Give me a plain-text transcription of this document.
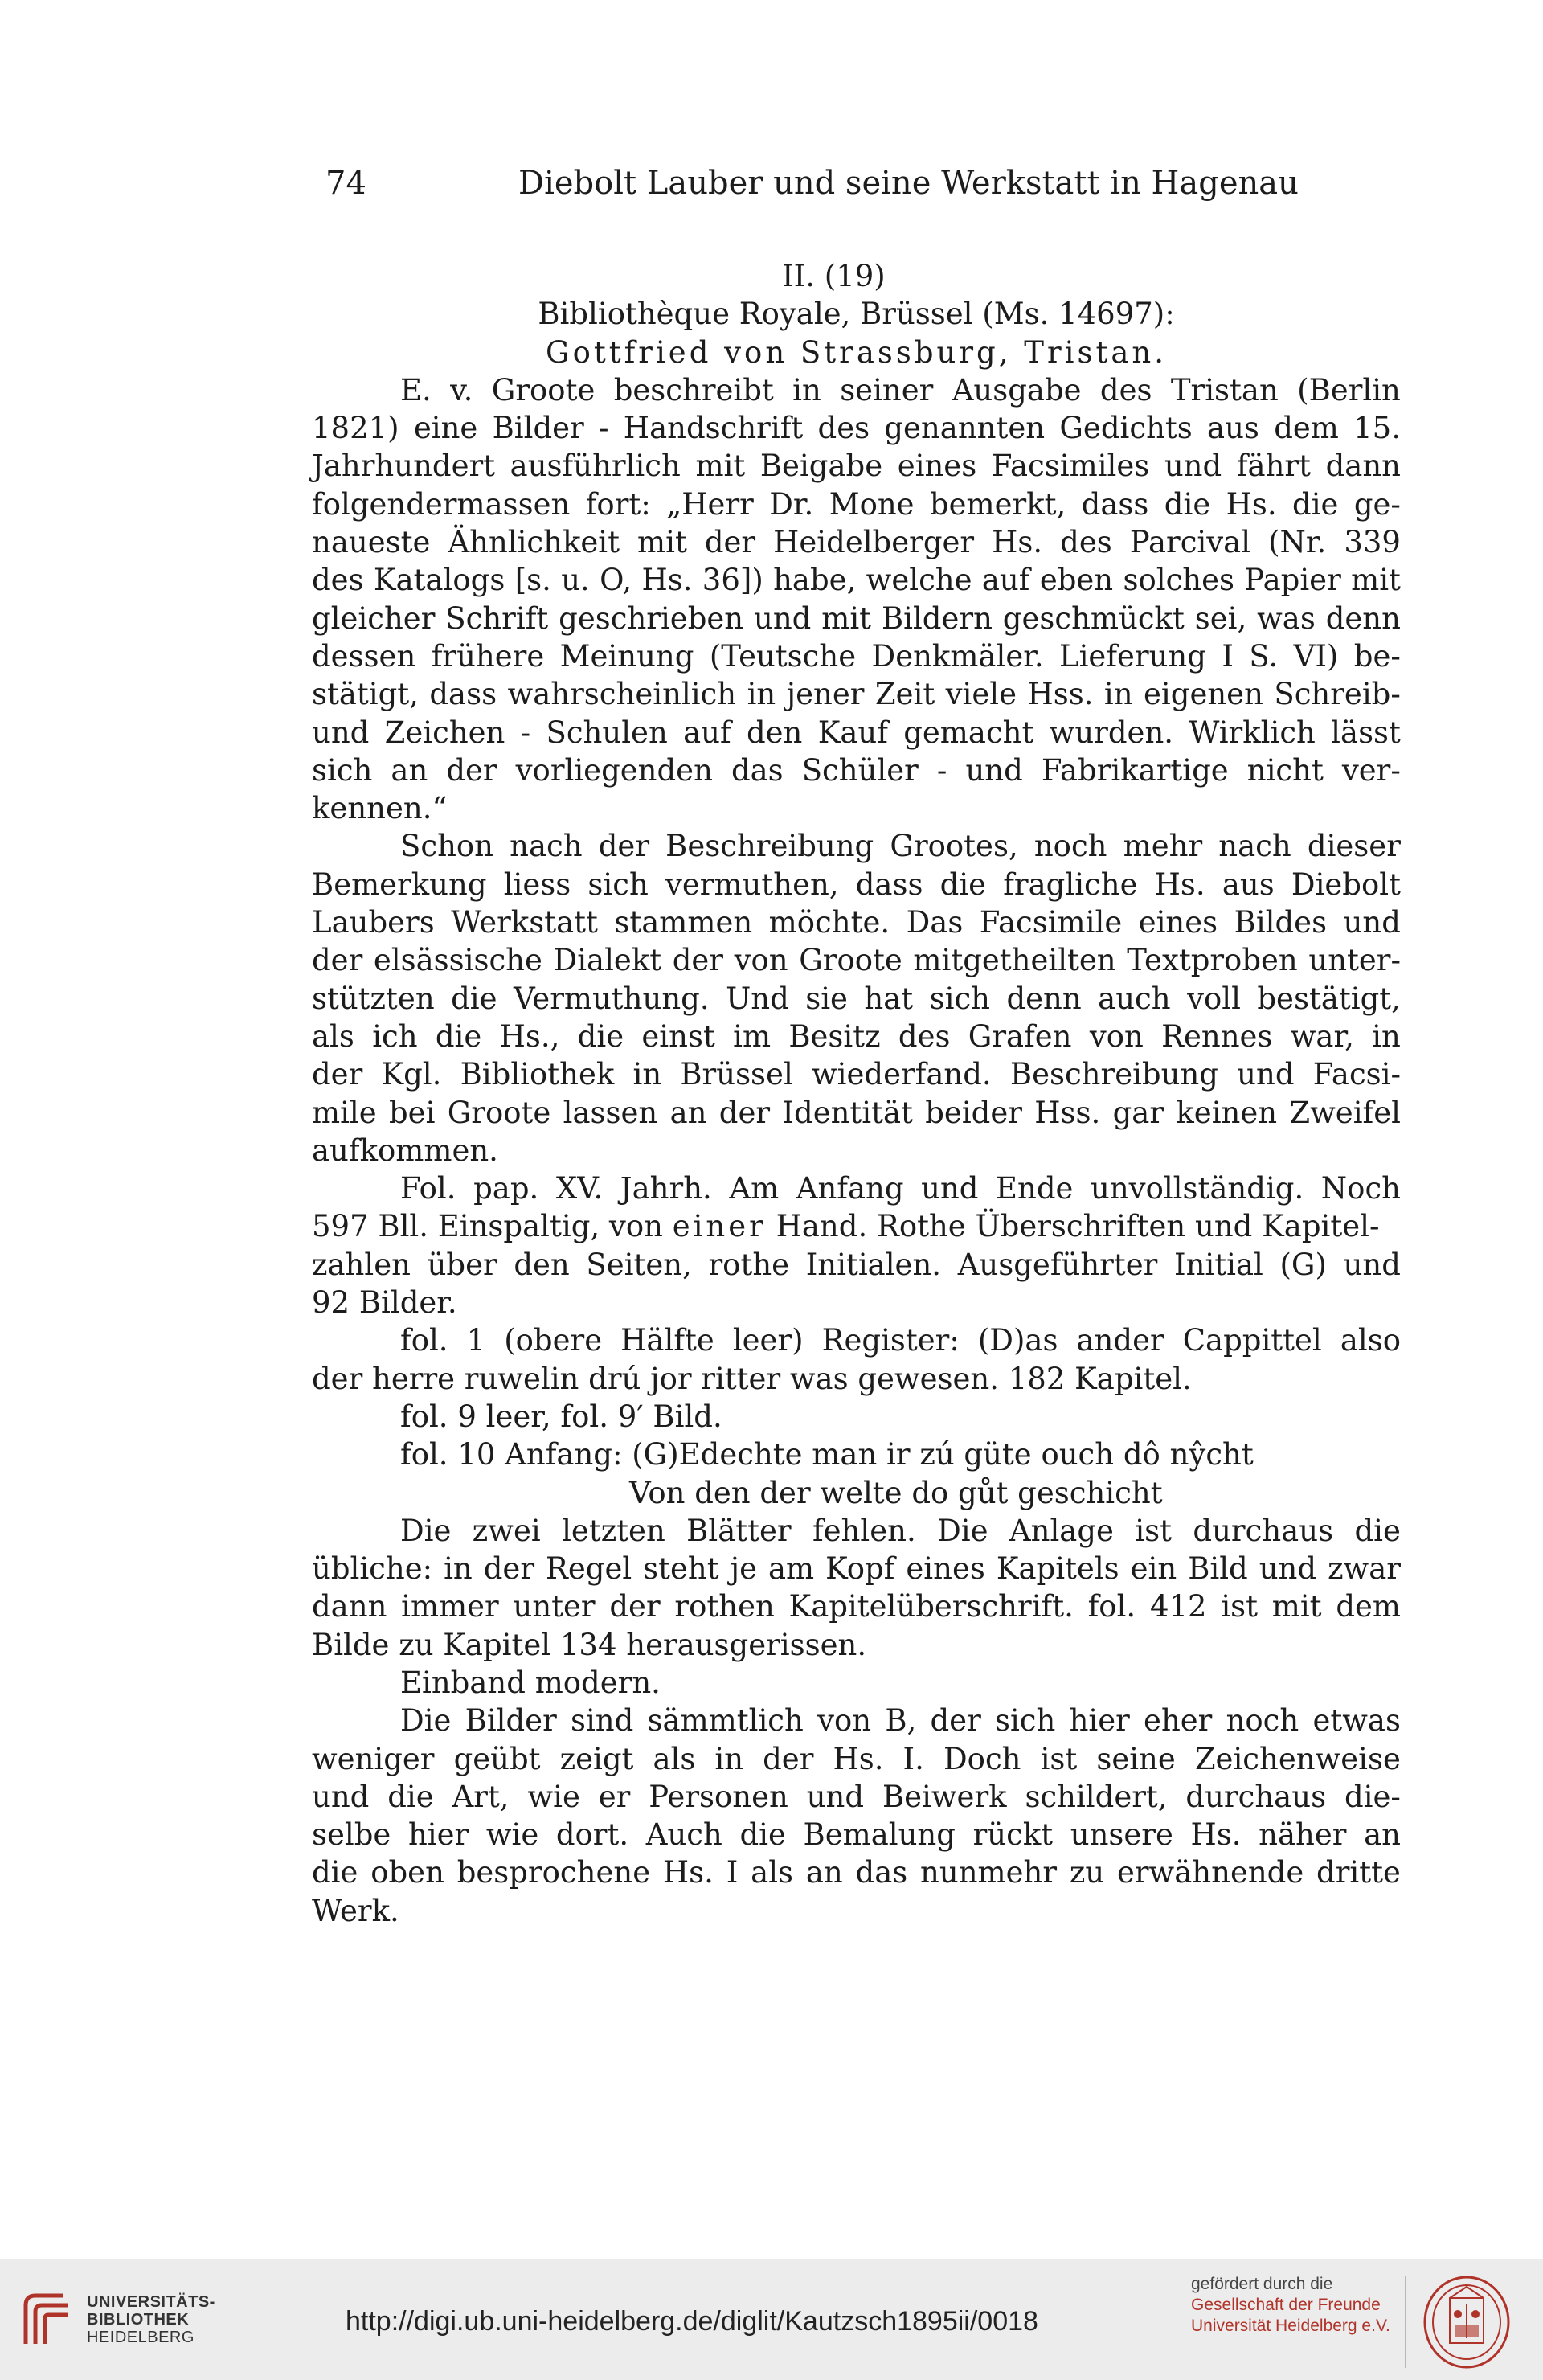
74	Diebolt Lauber und seine Werkstatt in Hagenau
II. (19)
Bibliothèque Royale, Brüssel (Ms. 14697):
Gottfried von Strassburg, Tristan.
E. v. Groote beschreibt in seiner Ausgabe des Tristan (Berlin
1821) eine Bilder - Handschrift des genannten Gedichts aus dem 15.
Jahrhundert ausführlich mit Beigabe eines Facsimiles und fährt dann
folgendermassen fort: „Herr Dr. Mone bemerkt, dass die Hs. die ge-
naueste Ähnlichkeit mit der Heidelberger Hs. des Parcival (Nr. 339
des Katalogs [s. u. O, Hs. 36]) habe, welche auf eben solches Papier mit
gleicher Schrift geschrieben und mit Bildern geschmückt sei, was denn
dessen frühere Meinung (Teutsche Denkmäler. Lieferung I S. VI) be-
stätigt, dass wahrscheinlich in jener Zeit viele Hss. in eigenen Schreib-
und Zeichen - Schulen auf den Kauf gemacht wurden. Wirklich lässt
sich an der vorliegenden das Schüler - und Fabrikartige nicht ver-
kennen.“
Schon nach der Beschreibung Grootes, noch mehr nach dieser
Bemerkung liess sich vermuthen, dass die fragliche Hs. aus Diebolt
Laubers Werkstatt stammen möchte. Das Facsimile eines Bildes und
der elsässische Dialekt der von Groote mitgetheilten Textproben unter-
stützten die Vermuthung. Und sie hat sich denn auch voll bestätigt,
als ich die Hs., die einst im Besitz des Grafen von Rennes war, in
der Kgl. Bibliothek in Brüssel wiederfand. Beschreibung und Facsi-
mile bei Groote lassen an der Identität beider Hss. gar keinen Zweifel
aufkommen.
Fol. pap. XV. Jahrh. Am Anfang und Ende unvollständig. Noch
597 Bll. Einspaltig, von einer Hand. Rothe Überschriften und Kapitel-
zahlen über den Seiten, rothe Initialen. Ausgeführter Initial (G) und
92 Bilder.
fol. 1 (obere Hälfte leer) Register: (D)as ander Cappittel also
der herre ruwelin drú jor ritter was gewesen. 182 Kapitel.
fol. 9 leer, fol. 9′ Bild.
fol. 10 Anfang: (G)Edechte man ir zú güte ouch dô nŷcht
Von den der welte do gůt geschicht
Die zwei letzten Blätter fehlen. Die Anlage ist durchaus die
übliche: in der Regel steht je am Kopf eines Kapitels ein Bild und zwar
dann immer unter der rothen Kapitelüberschrift. fol. 412 ist mit dem
Bilde zu Kapitel 134 herausgerissen.
Einband modern.
Die Bilder sind sämmtlich von B, der sich hier eher noch etwas
weniger geübt zeigt als in der Hs. I. Doch ist seine Zeichenweise
und die Art, wie er Personen und Beiwerk schildert, durchaus die-
selbe hier wie dort. Auch die Bemalung rückt unsere Hs. näher an
die oben besprochene Hs. I als an das nunmehr zu erwähnende dritte
Werk.
UNIVERSITÄTS-
BIBLIOTHEK
HEIDELBERG
http://digi.ub.uni-heidelberg.de/diglit/Kautzsch1895ii/0018
gefördert durch die
Gesellschaft der Freunde
Universität Heidelberg e.V.
